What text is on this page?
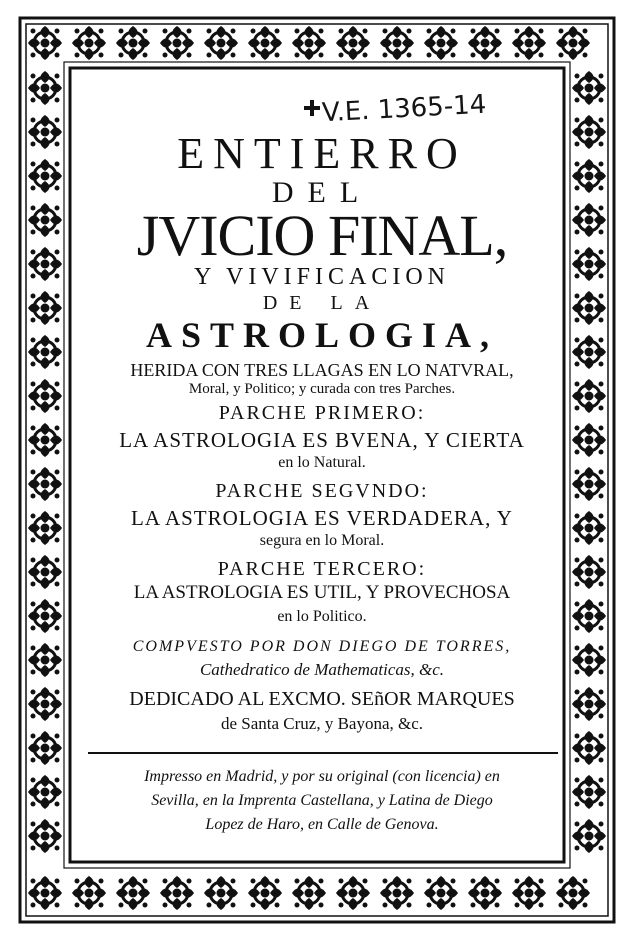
V.E. 1365-14
ENTIERRO
DEL
JVICIO FINAL,
Y VIVIFICACION
DE LA
ASTROLOGIA,
HERIDA CON TRES LLAGAS EN LO NATVRAL,
Moral, y Politico; y curada con tres Parches.
PARCHE PRIMERO:
LA ASTROLOGIA ES BVENA, Y CIERTA
en lo Natural.
PARCHE SEGVNDO:
LA ASTROLOGIA ES VERDADERA, Y
segura en lo Moral.
PARCHE TERCERO:
LA ASTROLOGIA ES UTIL, Y PROVECHOSA
en lo Politico.
COMPVESTO POR DON DIEGO DE TORRES,
Cathedratico de Mathematicas, &c.
DEDICADO AL EXCMO. SEñOR MARQUES
de Santa Cruz, y Bayona, &c.
Impresso en Madrid, y por su original (con licencia) en
Sevilla, en la Imprenta Castellana, y Latina de Diego
Lopez de Haro, en Calle de Genova.
